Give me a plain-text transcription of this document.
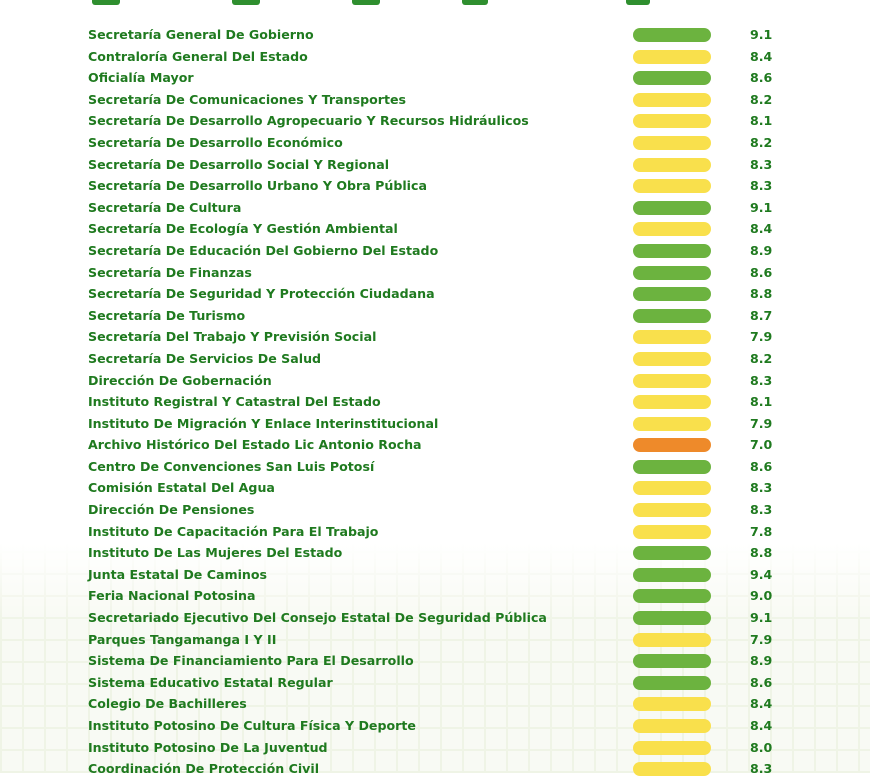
Secretaría General De Gobierno	9.1
Contraloría General Del Estado	8.4
Oficialía Mayor	8.6
Secretaría De Comunicaciones Y Transportes	8.2
Secretaría De Desarrollo Agropecuario Y Recursos Hidráulicos	8.1
Secretaría De Desarrollo Económico	8.2
Secretaría De Desarrollo Social Y Regional	8.3
Secretaría De Desarrollo Urbano Y Obra Pública	8.3
Secretaría De Cultura	9.1
Secretaría De Ecología Y Gestión Ambiental	8.4
Secretaría De Educación Del Gobierno Del Estado	8.9
Secretaría De Finanzas	8.6
Secretaría De Seguridad Y Protección Ciudadana	8.8
Secretaría De Turismo	8.7
Secretaría Del Trabajo Y Previsión Social	7.9
Secretaría De Servicios De Salud	8.2
Dirección De Gobernación	8.3
Instituto Registral Y Catastral Del Estado	8.1
Instituto De Migración Y Enlace Interinstitucional	7.9
Archivo Histórico Del Estado Lic Antonio Rocha	7.0
Centro De Convenciones San Luis Potosí	8.6
Comisión Estatal Del Agua	8.3
Dirección De Pensiones	8.3
Instituto De Capacitación Para El Trabajo	7.8
Instituto De Las Mujeres Del Estado	8.8
Junta Estatal De Caminos	9.4
Feria Nacional Potosina	9.0
Secretariado Ejecutivo Del Consejo Estatal De Seguridad Pública	9.1
Parques Tangamanga I Y II	7.9
Sistema De Financiamiento Para El Desarrollo	8.9
Sistema Educativo Estatal Regular	8.6
Colegio De Bachilleres	8.4
Instituto Potosino De Cultura Física Y Deporte	8.4
Instituto Potosino De La Juventud	8.0
Coordinación De Protección Civil	8.3
